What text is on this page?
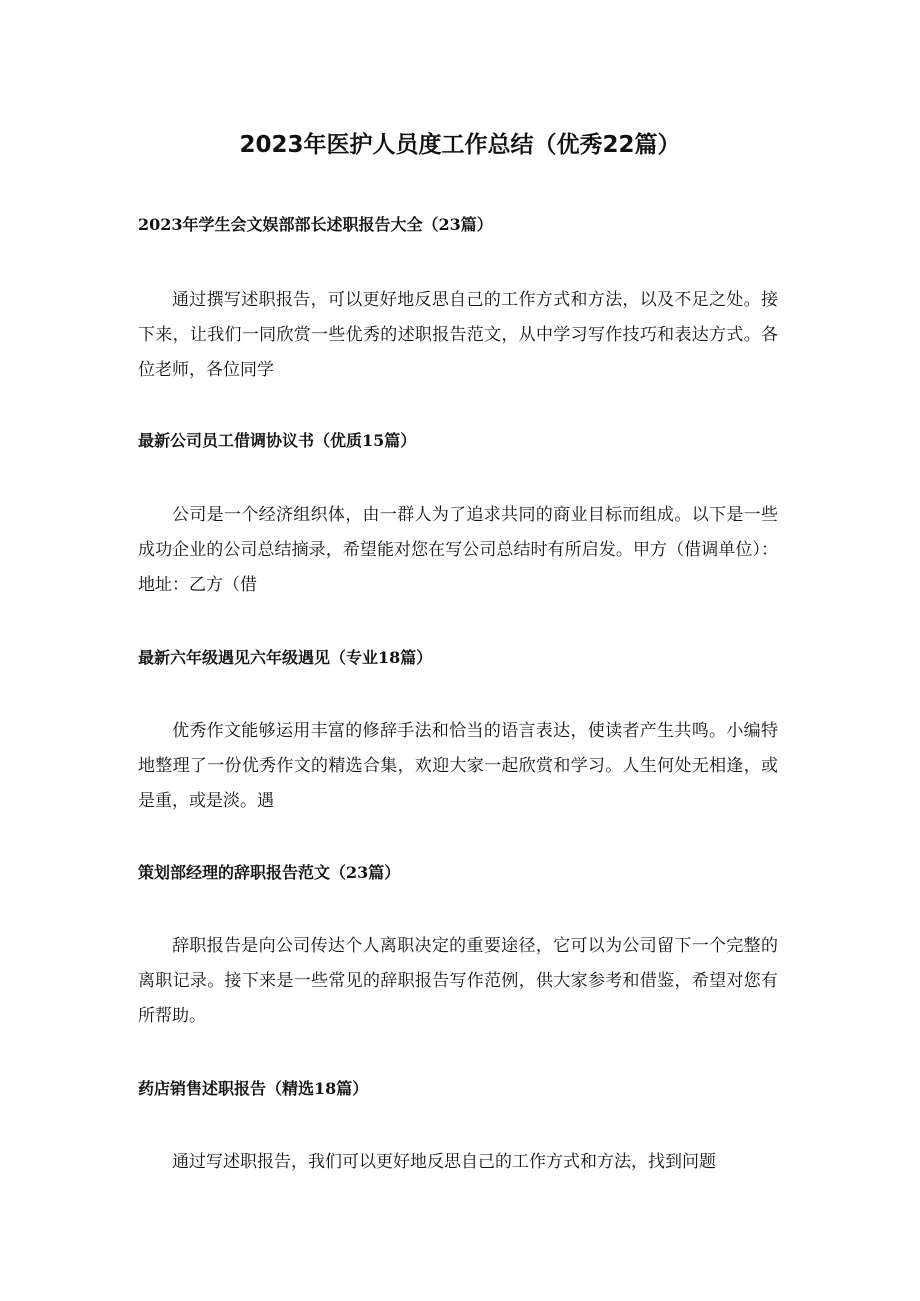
2023年医护人员度工作总结（优秀22篇）
2023年学生会文娱部部长述职报告大全（23篇）

通过撰写述职报告，可以更好地反思自己的工作方式和方法，以及不足之处。接下来，让我们一同欣赏一些优秀的述职报告范文，从中学习写作技巧和表达方式。各位老师，各位同学

最新公司员工借调协议书（优质15篇）

公司是一个经济组织体，由一群人为了追求共同的商业目标而组成。以下是一些成功企业的公司总结摘录，希望能对您在写公司总结时有所启发。甲方（借调单位）：地址：乙方（借

最新六年级遇见六年级遇见（专业18篇）

优秀作文能够运用丰富的修辞手法和恰当的语言表达，使读者产生共鸣。小编特地整理了一份优秀作文的精选合集，欢迎大家一起欣赏和学习。人生何处无相逢，或是重，或是淡。遇

策划部经理的辞职报告范文（23篇）

辞职报告是向公司传达个人离职决定的重要途径，它可以为公司留下一个完整的离职记录。接下来是一些常见的辞职报告写作范例，供大家参考和借鉴，希望对您有所帮助。

药店销售述职报告（精选18篇）

通过写述职报告，我们可以更好地反思自己的工作方式和方法，找到问题
